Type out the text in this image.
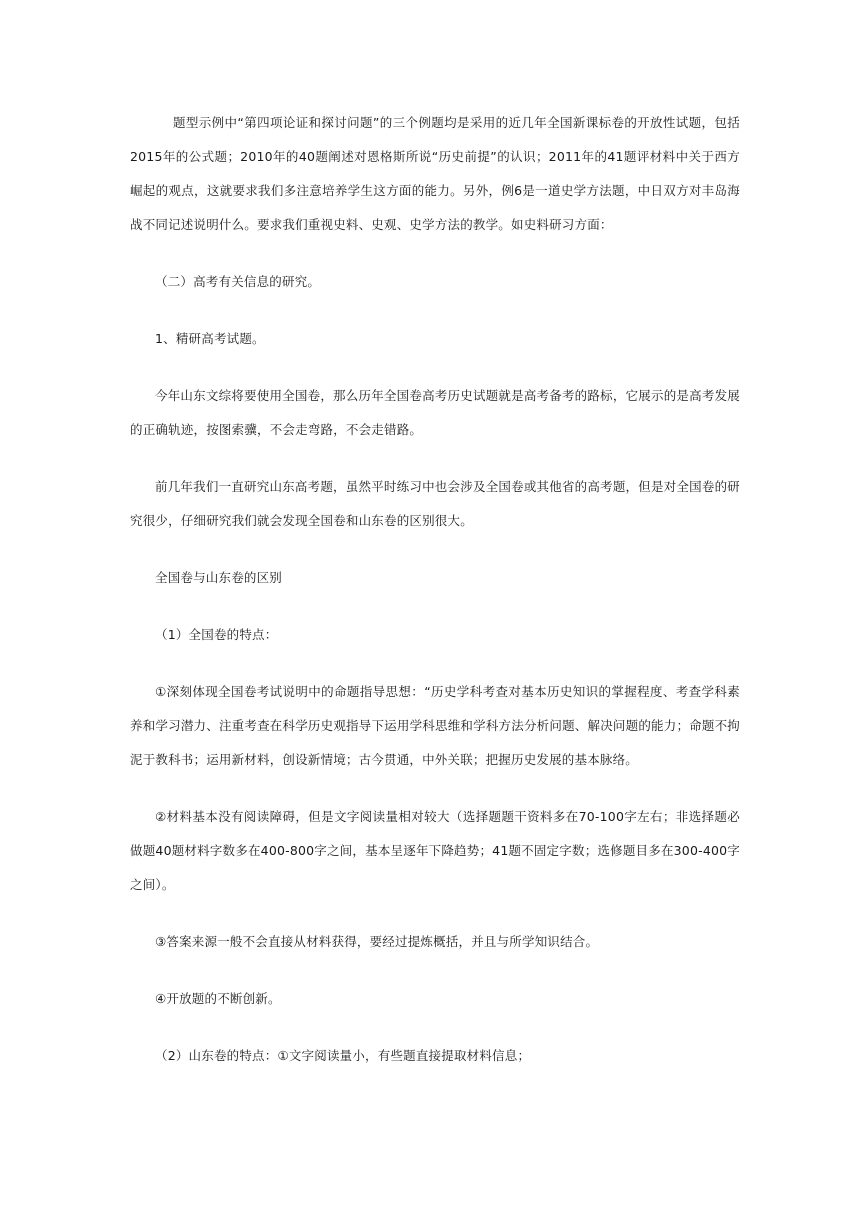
题型示例中“第四项论证和探讨问题”的三个例题均是采用的近几年全国新课标卷的开放性试题，包括2015年的公式题；2010年的40题阐述对恩格斯所说“历史前提”的认识；2011年的41题评材料中关于西方崛起的观点，这就要求我们多注意培养学生这方面的能力。另外，例6是一道史学方法题，中日双方对丰岛海战不同记述说明什么。要求我们重视史料、史观、史学方法的教学。如史料研习方面：

（二）高考有关信息的研究。

1、精研高考试题。

今年山东文综将要使用全国卷，那么历年全国卷高考历史试题就是高考备考的路标，它展示的是高考发展的正确轨迹，按图索骥，不会走弯路，不会走错路。

前几年我们一直研究山东高考题，虽然平时练习中也会涉及全国卷或其他省的高考题，但是对全国卷的研究很少，仔细研究我们就会发现全国卷和山东卷的区别很大。

全国卷与山东卷的区别

（1）全国卷的特点：

①深刻体现全国卷考试说明中的命题指导思想：“历史学科考查对基本历史知识的掌握程度、考查学科素养和学习潜力、注重考查在科学历史观指导下运用学科思维和学科方法分析问题、解决问题的能力；命题不拘泥于教科书；运用新材料，创设新情境；古今贯通，中外关联；把握历史发展的基本脉络。

②材料基本没有阅读障碍，但是文字阅读量相对较大（选择题题干资料多在70-100字左右；非选择题必做题40题材料字数多在400-800字之间，基本呈逐年下降趋势；41题不固定字数；选修题目多在300-400字之间）。

③答案来源一般不会直接从材料获得，要经过提炼概括，并且与所学知识结合。

④开放题的不断创新。

（2）山东卷的特点：①文字阅读量小，有些题直接提取材料信息；
